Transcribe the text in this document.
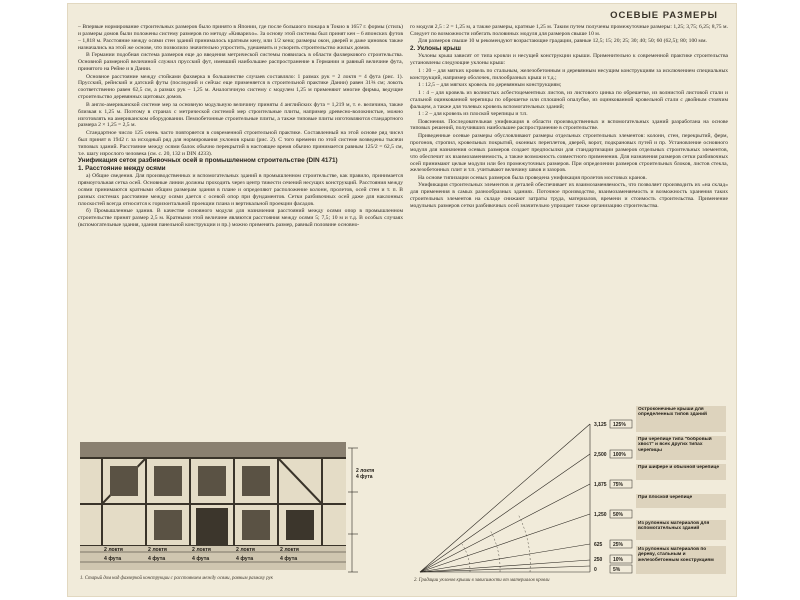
ОСЕВЫЕ РАЗМЕРЫ

– Впервые нормирование строительных размеров было принято в Японии, где после большого пожара в Токио в 1657 г. формы (стиль) и размеры домов были положены систему размеров по методу «Кивариxо». За основу этой системы был принят кен – 6 японских футов – 1,818 м. Расстояние между осями стен зданий принималось кратным кену, или 1/2 кена; размеры окон, дверей и даже циновок также назначались на этой же основе, что позволило значительно упростить, удешевить и ускорить строительство жилых домов.

В Германии подобная система размеров еще до введения метрической системы появилась в области фахверкового строительства. Основной размерной величиной служил прусский фут, имевший наибольшее распространение в Германии и равный величине фута, принятого на Рейне и в Дании.

Основное расстояние между стойками фахверка в большинстве случаев составляло: 1 размах рук = 2 локтя = 4 фута (рис. 1). Прусский, рейнский и датский футы (последний и сейчас еще применяется в строительной практике Дании) равен 31⅜ см; локоть соответственно равен 62,5 см, а размах рук – 1,25 м. Аналогичную систему с модулем 1,25 м применяют многие фирмы, ведущие строительство деревянных щитовых домов.

В англо-американской системе мер за основную модульную величину приняты 4 английских фута = 1,219 м, т. е. величина, также близкая к 1,25 м. Поэтому в странах с метрической системой мер строительные плиты, например древесно-волокнистые, можно изготовлять на американском оборудовании. Пемзобетонные строительные плиты, а также типовые плиты изготовляются стандартного размера 2 × 1,25 = 2,5 м.

Стандартное число 125 очень часто повторяется в современной строительной практике. Составленный на этой основе ряд чисел был принят в 1942 г. за исходный ряд для нормирования уклонов крыш (рис. 2). С того времени по этой системе возведены тысячи типовых зданий. Расстояние между осями балок обычно перекрытий в настоящее время обычно принимается равным 125/2 = 62,5 см, т.е. шагу изрослого человека (см. с. 20, 132 и DIN 4233).

Унификация сеток разбивочных осей в промышленном строительстве (DIN 4171)

1. Расстояние между осями

а) Общие сведения. Для производственных и вспомогательных зданий в промышленном строительстве, как правило, принимается прямоугольная сетка осей. Основные линии должны проходить через центр тяжести сечений несущих конструкций. Расстояния между осями принимаются кратными общим размерам здания в плане и определяют расположение колонн, пролетов, осей стен и т. п. В разных системах расстояние между осями дается с осевой опор при фундаментов. Сетки разбивочных осей даже для наклонных плоскостей всегда относится к горизонтальной проекции плана и вертикальной проекции фасадов.

б) Промышленные здания. В качестве основного модуля для назначения расстояний между осями опор в промышленном строительстве принят размер 2,5 м. Кратными этой величине являются расстояния между осями 5; 7,5; 10 м и т.д. В особых случаях (вспомогательные здания, здания панельной конструкции и пр.) можно применять размер, равный половине основно-

го модуля 2,5 : 2 = 1,25 м, а также размеры, кратные 1,25 м. Таким путем получены промежуточные размеры: 1,25; 3,75; 6,25; 8,75 м. Следует по возможности избегать половиных модуля для размеров свыше 10 м.

Для размеров свыше 10 м рекомендуют возрастающие градации, равные 12,5; 15; 20; 25; 30; 40; 50; 60 (62,5); 80; 100 мм.

2. Уклоны крыш

Уклоны крыш зависят от типа кровли и несущей конструкции крыши. Применительно к современной практике строительства установлены следующие уклоны крыш:

1 : 20 – для мягких кровель по стальным, железобетонным и деревянным несущим конструкциям за исключением специальных конструкций, например оболочек, пилообразных крыш и т.д.;

1 : 12,5 – для мягких кровель по деревянным конструкциям;

1 : 4 – для кровель из волнистых асбестоцементных листов, из листового цинка по обрешетке, из волнистой листовой стали и стальной оцинкованной черепицы по обрешетке или сплошной опалубке, из оцинкованной кровельной стали с двойным стоячим фальцем, а также для толевых кровель вспомогательных зданий;

1 : 2 – для кровель из плоской черепицы и т.п.

Пояснения. Последовательная унификация в области производственных и вспомогательных зданий разработана на основе типовых решений, получивших наибольшее распространение в строительстве.

Приведенные осевые размеры обусловливают размеры отдельных строительных элементов: колонн, стен, перекрытий, ферм, прогонов, стропил, кровельных покрытий, оконных переплетов, дверей, ворот, подкрановых путей и пр. Установление основного модуля для назначения осевых размеров создает предпосылки для стандартизации размеров отдельных строительных элементов, что обеспечит их взаимозаменяемость, а также возможность совместного применения. Для назначения размеров сетки разбивочных осей принимают целые модули или без промежуточных размеров. При определении размеров строительных блоков, листов стекла, железобетонных плит и т.п. учитывают величину швов и зазоров.

На основе типизации осевых размеров была проведена унификация пролетов мостовых кранов.

Унификация строительных элементов и деталей обеспечивает их взаимозаменяемость, что позволяет производить их «на склад» для применения в самых разнообразных зданиях. Поточное производство, взаимозаменяемость и возможность хранения таких строительных элементов на складе снижают затраты труда, материалов, времени и стоимость строительства. Применение модульных размеров сетки разбивочных осей значительно упрощает также организацию строительства.

2 локтя	2 локтя	2 локтя	2 локтя	2 локтя
4 фута	4 фута	4 фута	4 фута	4 фута
2 локтя
4 фута
1. Старый дом над фахверкой конструкции с расстоянием между осями, равным размаху рук
3,125
2,500
1,875
1,250
625
250
0
125%
100%
75%
50%
25%
10%
5%
Остроконечные крыши для определенных типов зданий
При черепице типа "бобровый хвост" и всех других типах черепицы
При шифере и обычной черепице
При плоской черепице
Из рулонных материалов для вспомогательных зданий
Из рулонных материалов по дереву, стальным и железобетонным конструкциям
2. Градации уклонов крыши в зависимости от материалов кровли
